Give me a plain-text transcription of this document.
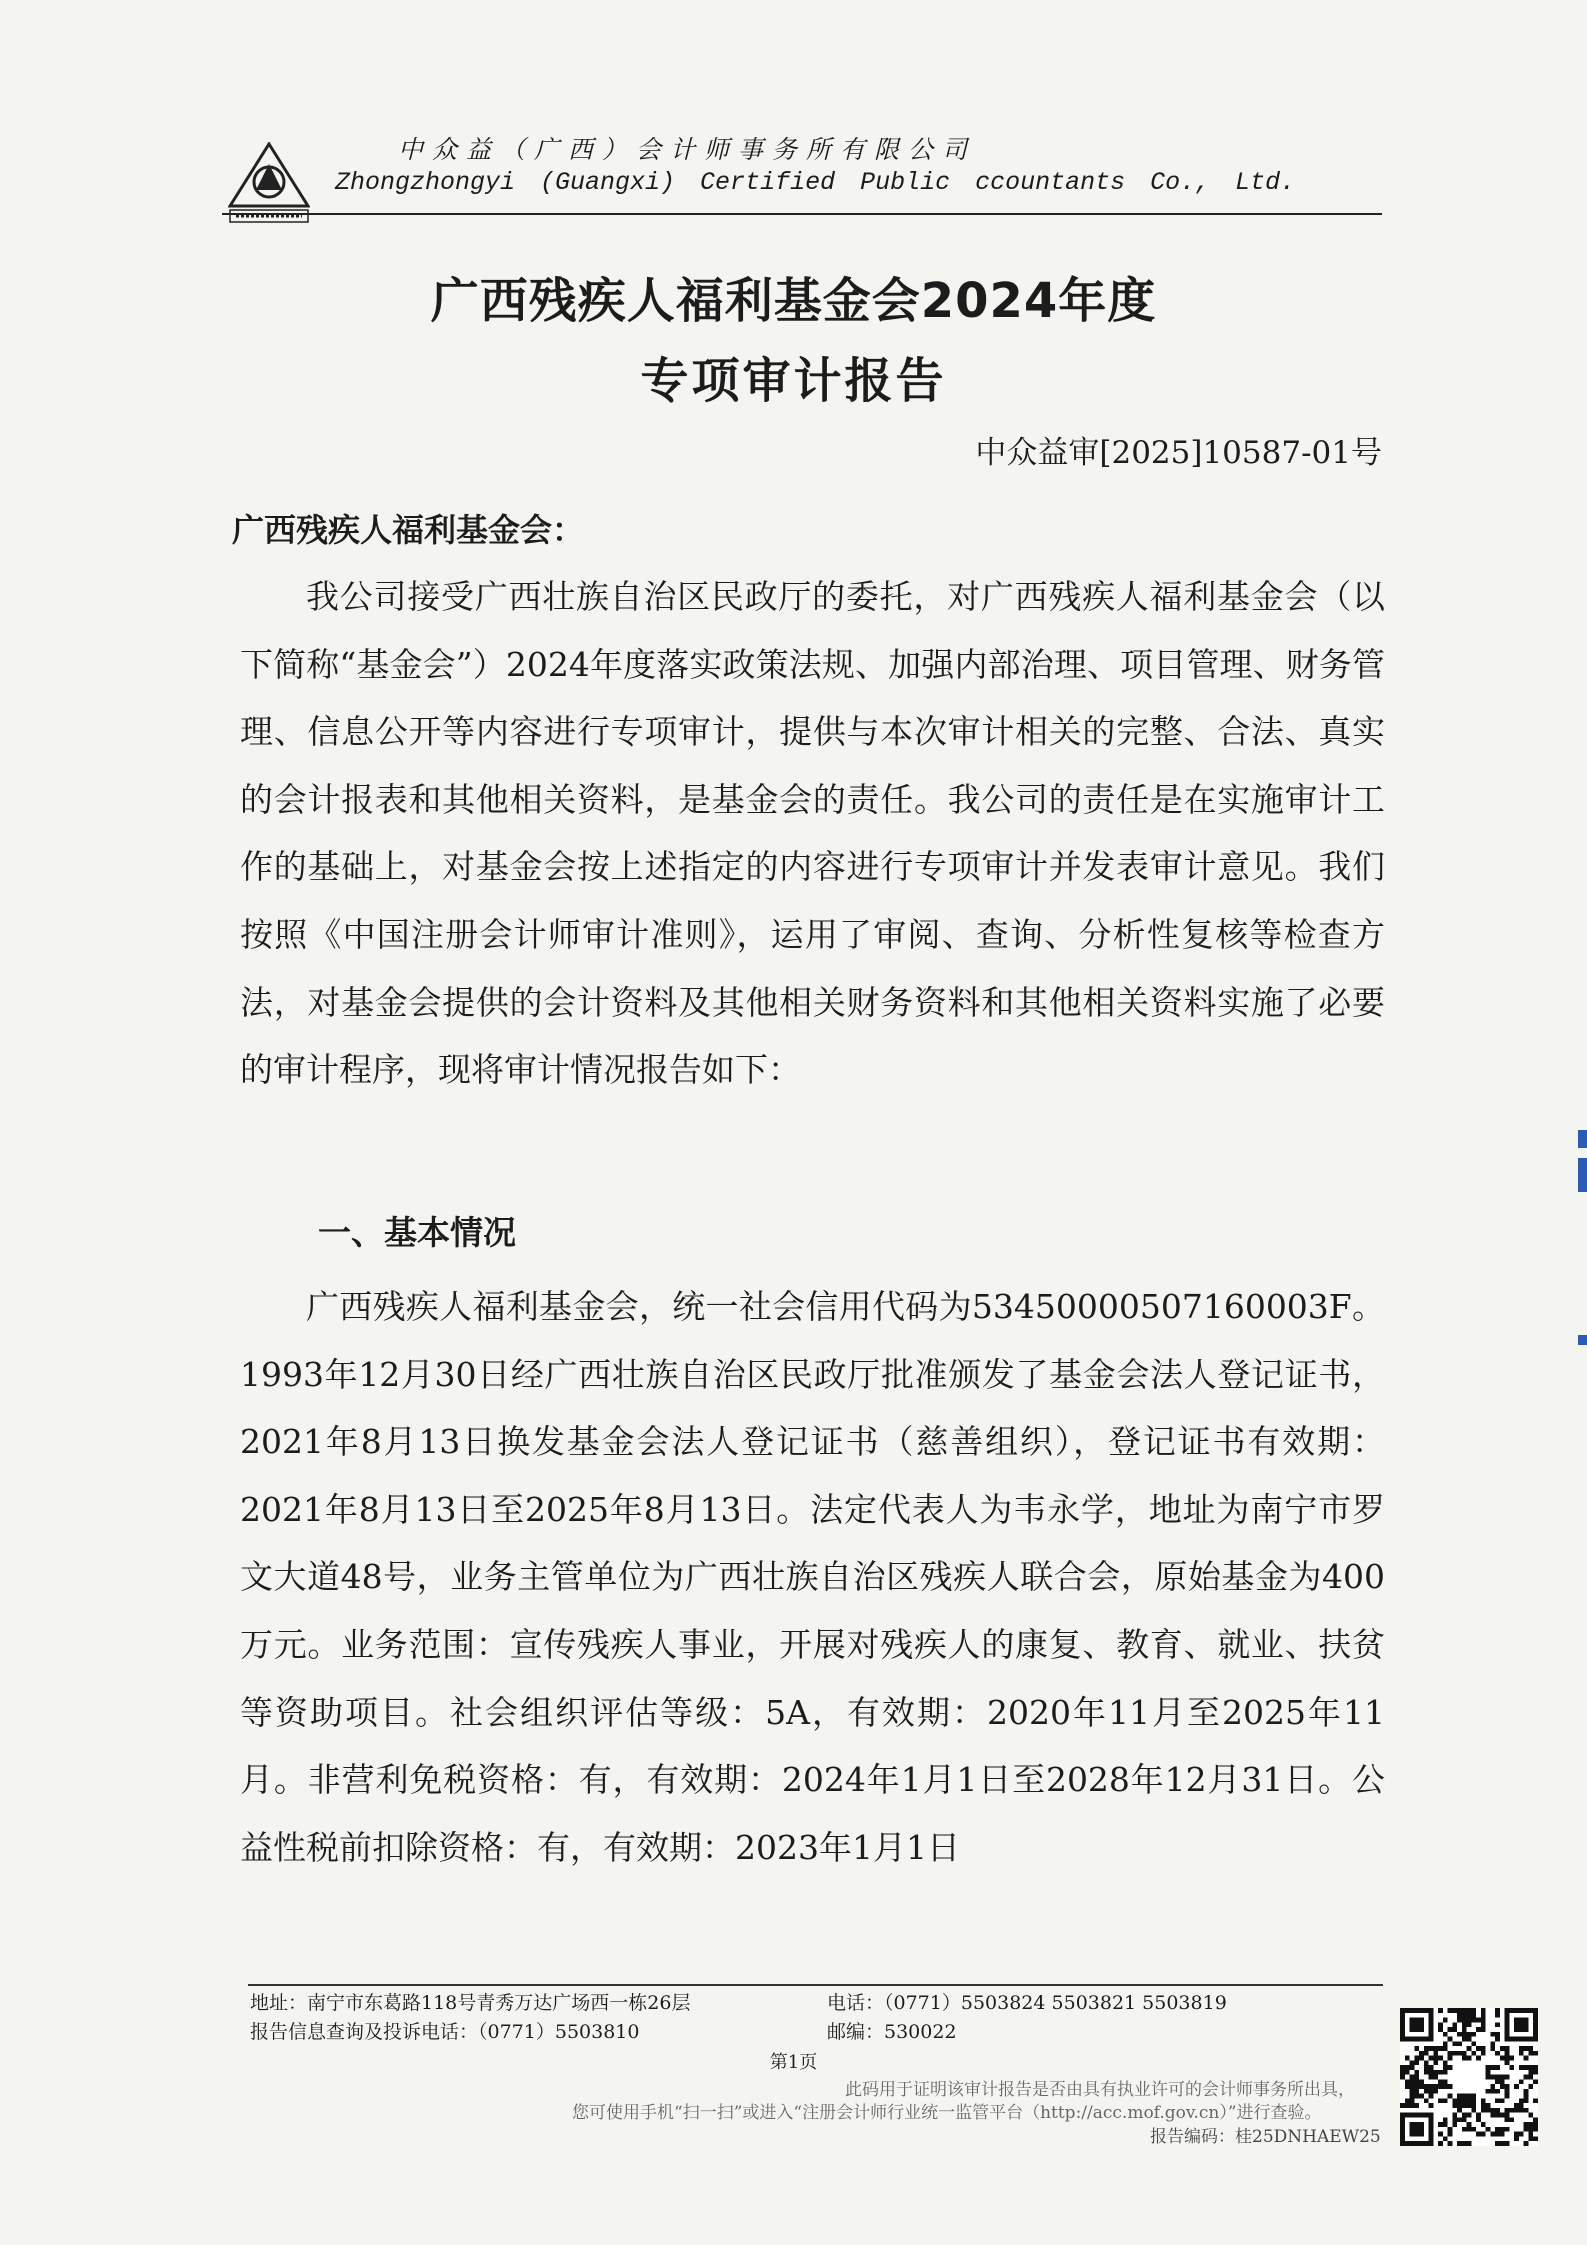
中众益（广西）会计师事务所有限公司
Zhongzhongyi (Guangxi) Certified Public ccountants Co., Ltd.
广西残疾人福利基金会2024年度
专项审计报告
中众益审[2025]10587-01号
广西残疾人福利基金会：

我公司接受广西壮族自治区民政厅的委托，对广西残疾人福利基金会（以下简称“基金会”）2024年度落实政策法规、加强内部治理、项目管理、财务管理、信息公开等内容进行专项审计，提供与本次审计相关的完整、合法、真实的会计报表和其他相关资料，是基金会的责任。我公司的责任是在实施审计工作的基础上，对基金会按上述指定的内容进行专项审计并发表审计意见。我们按照《中国注册会计师审计准则》，运用了审阅、查询、分析性复核等检查方法，对基金会提供的会计资料及其他相关财务资料和其他相关资料实施了必要的审计程序，现将审计情况报告如下：

一、基本情况

广西残疾人福利基金会，统一社会信用代码为53450000507160003F。1993年12月30日经广西壮族自治区民政厅批准颁发了基金会法人登记证书，2021年8月13日换发基金会法人登记证书（慈善组织），登记证书有效期：2021年8月13日至2025年8月13日。法定代表人为韦永学，地址为南宁市罗文大道48号，业务主管单位为广西壮族自治区残疾人联合会，原始基金为400万元。业务范围：宣传残疾人事业，开展对残疾人的康复、教育、就业、扶贫等资助项目。社会组织评估等级：5A，有效期：2020年11月至2025年11月。非营利免税资格：有，有效期：2024年1月1日至2028年12月31日。公益性税前扣除资格：有，有效期：2023年1月1日

地址：南宁市东葛路118号青秀万达广场西一栋26层	电话：（0771）5503824 5503821 5503819
报告信息查询及投诉电话：（0771）5503810	邮编：530022
第1页
此码用于证明该审计报告是否由具有执业许可的会计师事务所出具，
您可使用手机“扫一扫”或进入“注册会计师行业统一监管平台（http://acc.mof.gov.cn）”进行查验。
报告编码：桂25DNHAEW25
